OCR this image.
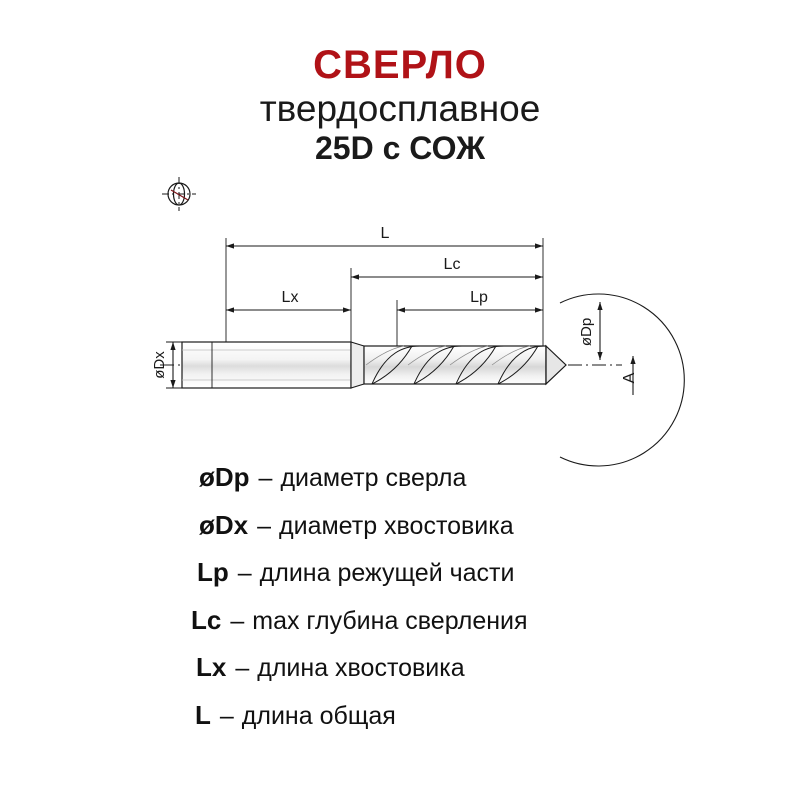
СВЕРЛО
твердосплавное
25D с СОЖ
L
Lc
Lx	Lp
øDx
øDp
A
øDp – диаметр сверла
øDx – диаметр хвостовика
Lp – длина режущей части
Lc – max глубина сверления
Lx – длина хвостовика
L – длина общая
